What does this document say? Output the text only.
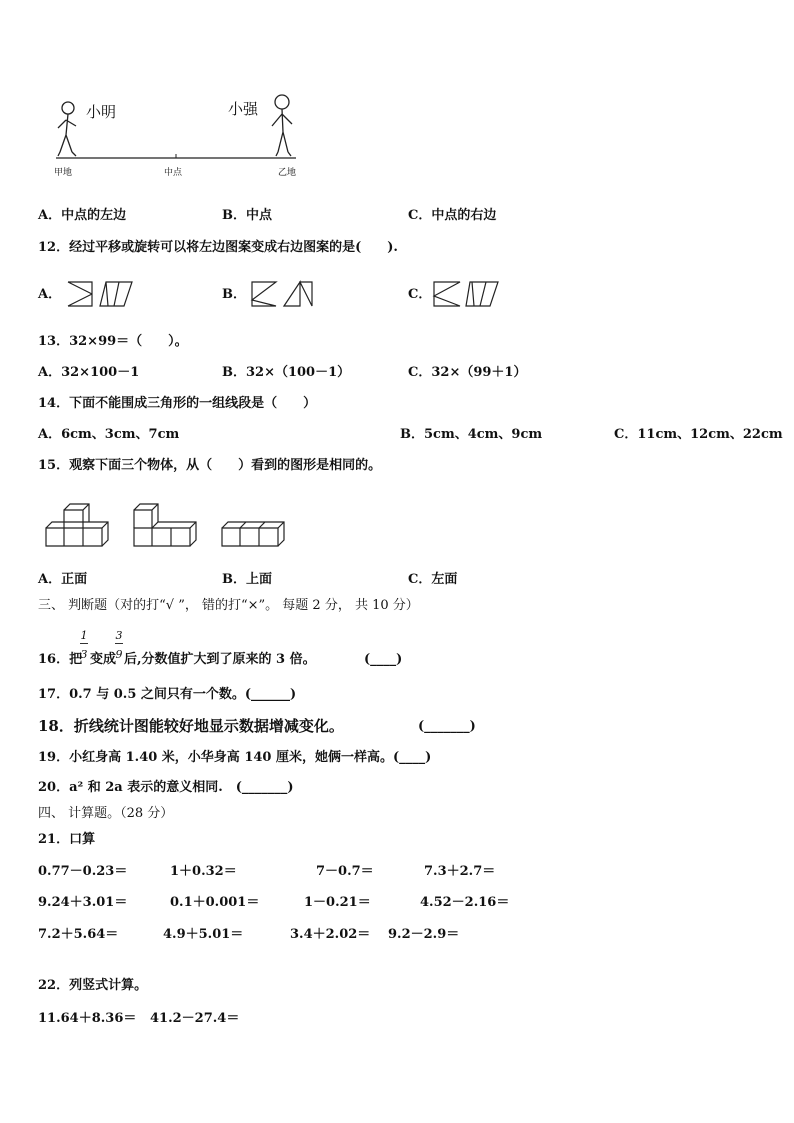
小明	小强
甲地	中点	乙地
A．中点的左边	B．中点	C．中点的右边
12．经过平移或旋转可以将左边图案变成右边图案的是(　　).
A．	B．	C．
13．32×99＝（　　）。
A．32×100－1	B．32×（100－1）	C．32×（99＋1）
14．下面不能围成三角形的一组线段是（　　）
A．6cm、3cm、7cm	B．5cm、4cm、9cm	C．11cm、12cm、22cm
15．观察下面三个物体，从（　　）看到的图形是相同的。
A．正面	B．上面	C．左面
三、 判断题（对的打“√ ”， 错的打“×”。 每题 2 分， 共 10 分）
1
3
3
9
16．把 变成 后,分数值扩大到了原来的 3 倍。	(____)
17．0.7 与 0.5 之间只有一个数。(______)
18．折线统计图能较好地显示数据增减变化。	(_______)
19．小红身高 1.40 米，小华身高 140 厘米，她俩一样高。(____)
20．a² 和 2a 表示的意义相同.　(_______)
四、 计算题。（28 分）
21．口算
0.77－0.23＝	1＋0.32＝	7－0.7＝	7.3＋2.7＝
9.24＋3.01＝	0.1＋0.001＝	1－0.21＝	4.52－2.16＝
7.2＋5.64＝	4.9＋5.01＝	3.4＋2.02＝ 9.2－2.9＝
22．列竖式计算。
11.64＋8.36＝ 41.2－27.4＝
